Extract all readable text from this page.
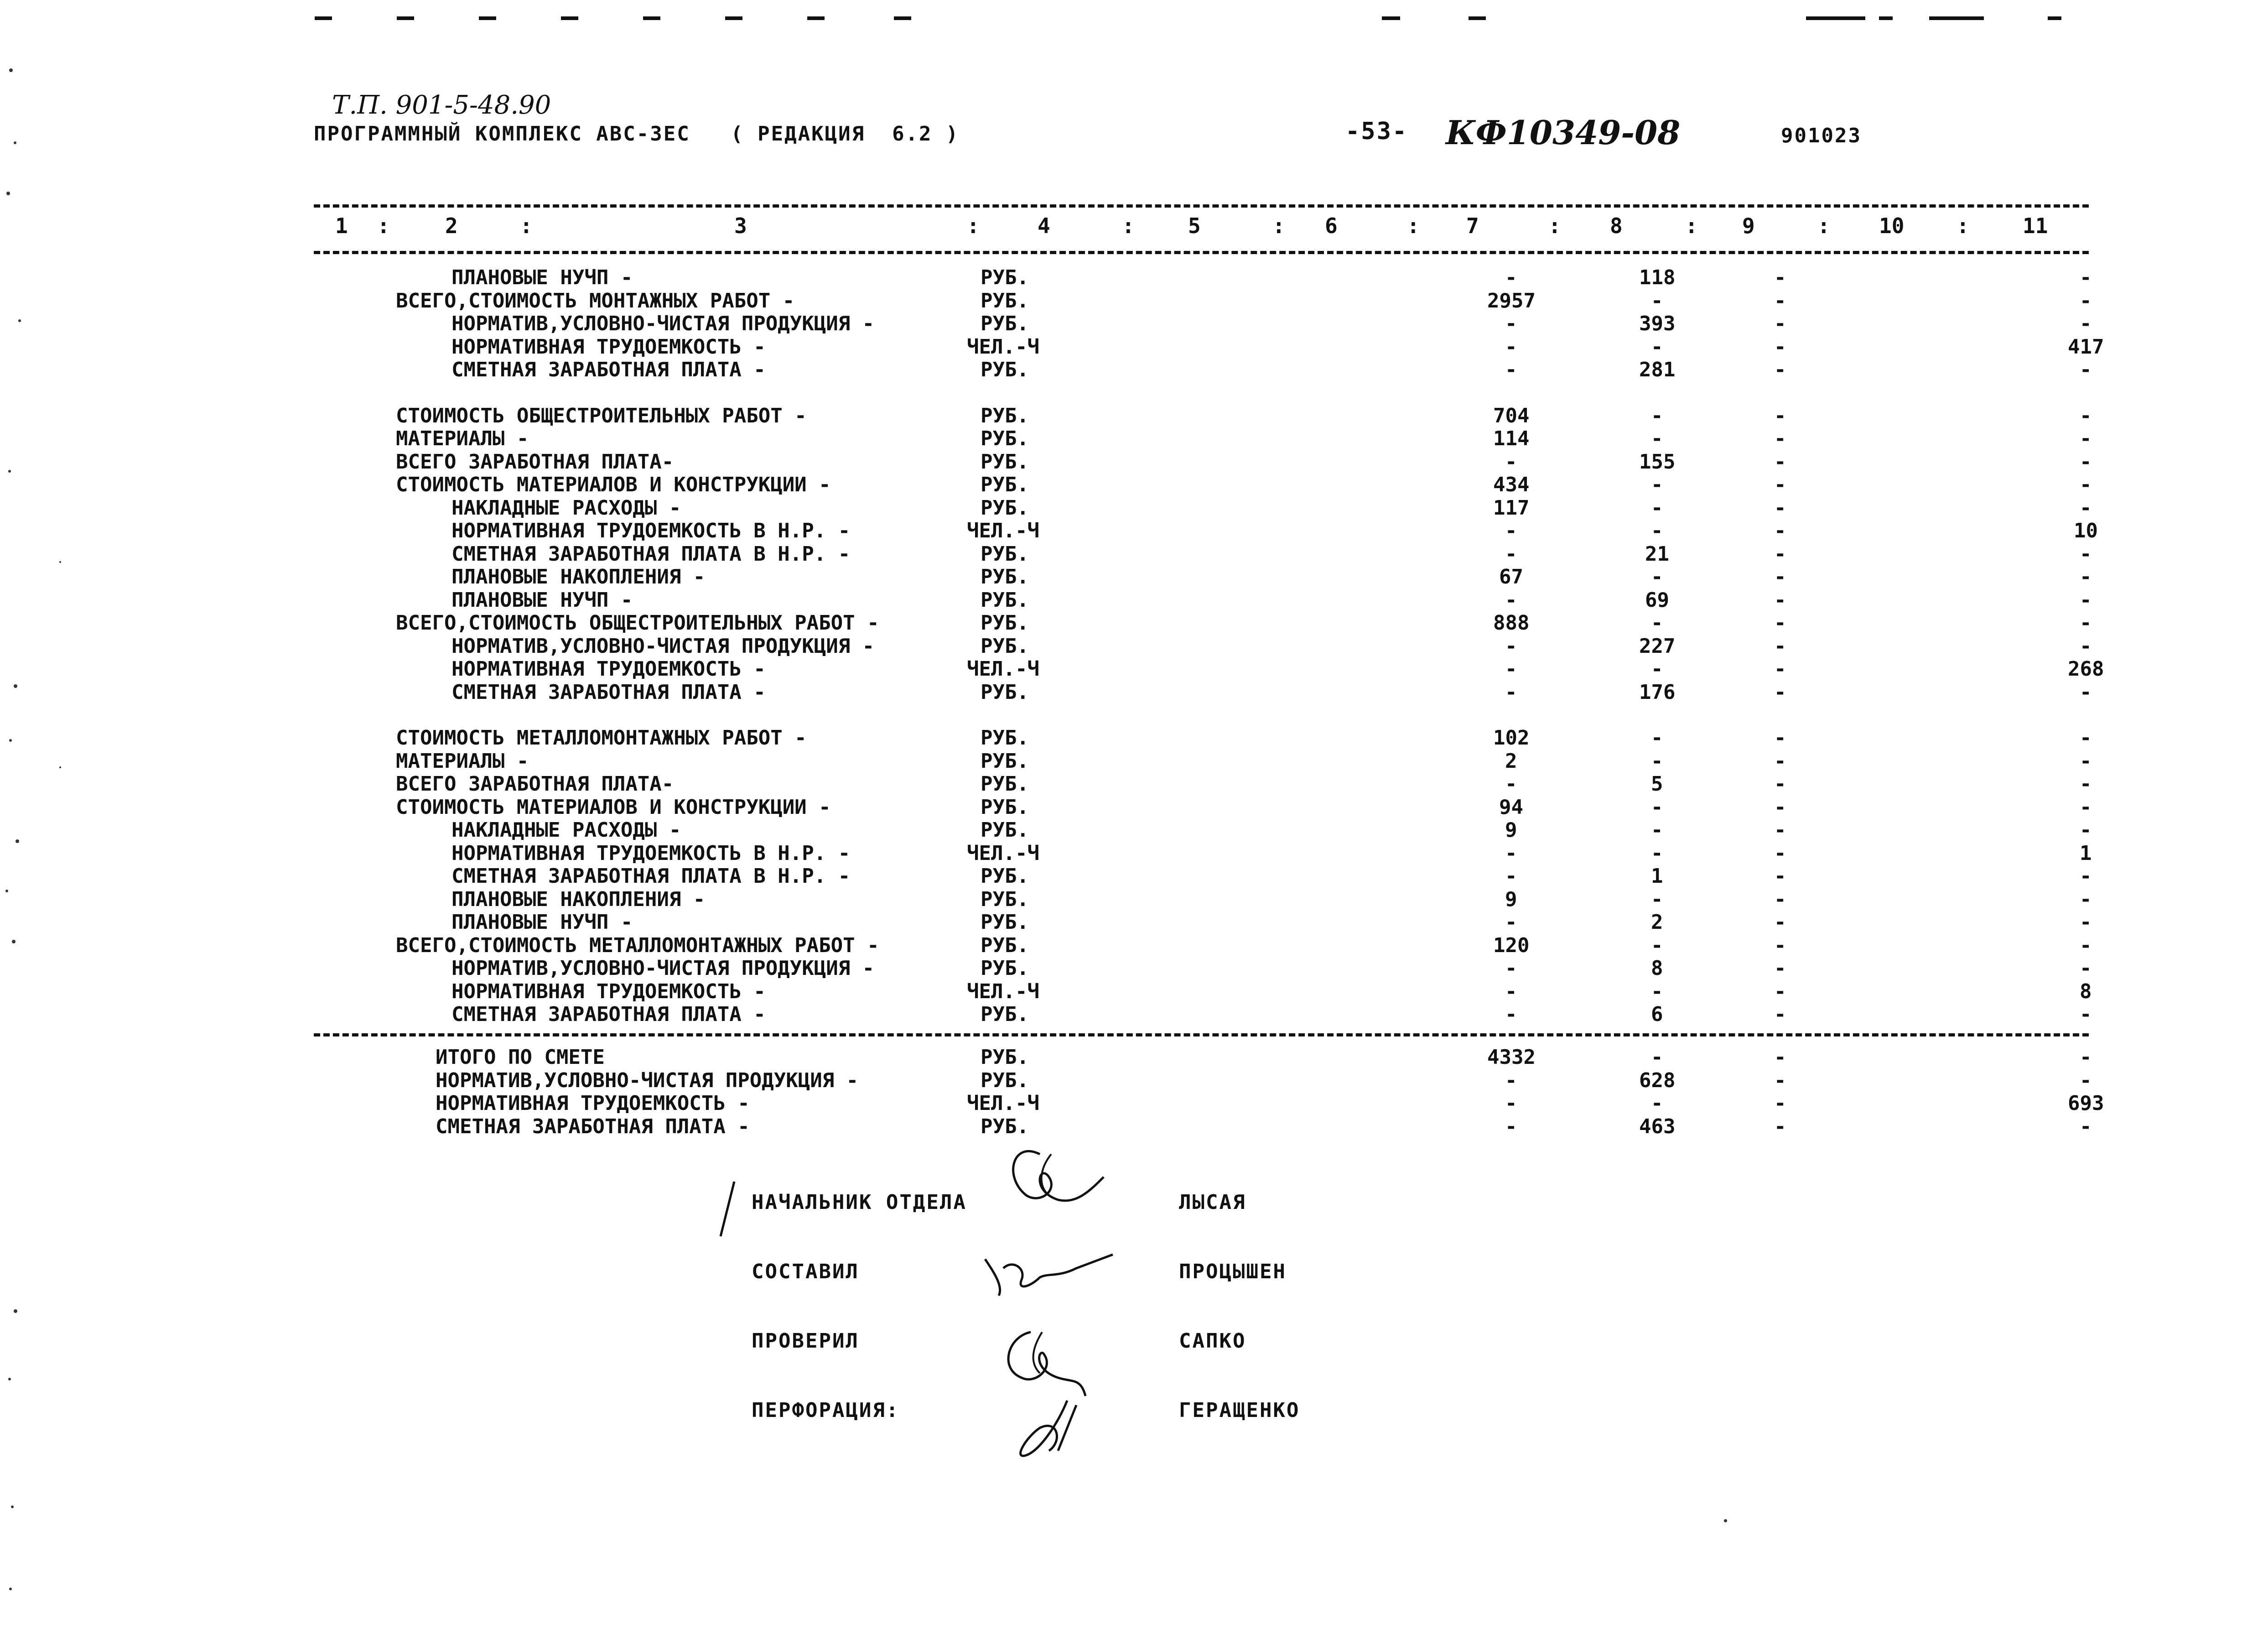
Т.П. 901-5-48.90
ПРОГРАММНЫЙ КОМПЛЕКС АВС-3ЕС   ( РЕДАКЦИЯ  6.2 )	-53- КФ10349-08	901023
1	2	3	4	5	6	7	8	9	10	11
:	:	:	:	:	:	:	:	:	:
ПЛАНОВЫЕ НУЧП -	РУБ.	-	118	-	-
ВСЕГО,СТОИМОСТЬ МОНТАЖНЫХ РАБОТ -	РУБ.	2957	-	-	-
НОРМАТИВ,УСЛОВНО-ЧИСТАЯ ПРОДУКЦИЯ -	РУБ.	-	393	-	-
НОРМАТИВНАЯ ТРУДОЕМКОСТЬ -	ЧЕЛ.-Ч	-	-	-	417
СМЕТНАЯ ЗАРАБОТНАЯ ПЛАТА -	РУБ.	-	281	-	-
СТОИМОСТЬ ОБЩЕСТРОИТЕЛЬНЫХ РАБОТ -	РУБ.	704	-	-	-
МАТЕРИАЛЫ -	РУБ.	114	-	-	-
ВСЕГО ЗАРАБОТНАЯ ПЛАТА-	РУБ.	-	155	-	-
СТОИМОСТЬ МАТЕРИАЛОВ И КОНСТРУКЦИИ -	РУБ.	434	-	-	-
НАКЛАДНЫЕ РАСХОДЫ -	РУБ.	117	-	-	-
НОРМАТИВНАЯ ТРУДОЕМКОСТЬ В Н.Р. -	ЧЕЛ.-Ч	-	-	-	10
СМЕТНАЯ ЗАРАБОТНАЯ ПЛАТА В Н.Р. -	РУБ.	-	21	-	-
ПЛАНОВЫЕ НАКОПЛЕНИЯ -	РУБ.	67	-	-	-
ПЛАНОВЫЕ НУЧП -	РУБ.	-	69	-	-
ВСЕГО,СТОИМОСТЬ ОБЩЕСТРОИТЕЛЬНЫХ РАБОТ -	РУБ.	888	-	-	-
НОРМАТИВ,УСЛОВНО-ЧИСТАЯ ПРОДУКЦИЯ -	РУБ.	-	227	-	-
НОРМАТИВНАЯ ТРУДОЕМКОСТЬ -	ЧЕЛ.-Ч	-	-	-	268
СМЕТНАЯ ЗАРАБОТНАЯ ПЛАТА -	РУБ.	-	176	-	-
СТОИМОСТЬ МЕТАЛЛОМОНТАЖНЫХ РАБОТ -	РУБ.	102	-	-	-
МАТЕРИАЛЫ -	РУБ.	2	-	-	-
ВСЕГО ЗАРАБОТНАЯ ПЛАТА-	РУБ.	-	5	-	-
СТОИМОСТЬ МАТЕРИАЛОВ И КОНСТРУКЦИИ -	РУБ.	94	-	-	-
НАКЛАДНЫЕ РАСХОДЫ -	РУБ.	9	-	-	-
НОРМАТИВНАЯ ТРУДОЕМКОСТЬ В Н.Р. -	ЧЕЛ.-Ч	-	-	-	1
СМЕТНАЯ ЗАРАБОТНАЯ ПЛАТА В Н.Р. -	РУБ.	-	1	-	-
ПЛАНОВЫЕ НАКОПЛЕНИЯ -	РУБ.	9	-	-	-
ПЛАНОВЫЕ НУЧП -	РУБ.	-	2	-	-
ВСЕГО,СТОИМОСТЬ МЕТАЛЛОМОНТАЖНЫХ РАБОТ -	РУБ.	120	-	-	-
НОРМАТИВ,УСЛОВНО-ЧИСТАЯ ПРОДУКЦИЯ -	РУБ.	-	8	-	-
НОРМАТИВНАЯ ТРУДОЕМКОСТЬ -	ЧЕЛ.-Ч	-	-	-	8
СМЕТНАЯ ЗАРАБОТНАЯ ПЛАТА -	РУБ.	-	6	-	-
ИТОГО ПО СМЕТЕ	РУБ.	4332	-	-	-
НОРМАТИВ,УСЛОВНО-ЧИСТАЯ ПРОДУКЦИЯ -	РУБ.	-	628	-	-
НОРМАТИВНАЯ ТРУДОЕМКОСТЬ -	ЧЕЛ.-Ч	-	-	-	693
СМЕТНАЯ ЗАРАБОТНАЯ ПЛАТА -	РУБ.	-	463	-	-
НАЧАЛЬНИК ОТДЕЛА	ЛЫСАЯ
СОСТАВИЛ	ПРОЦЫШЕН
ПРОВЕРИЛ	САПКО
ПЕРФОРАЦИЯ:	ГЕРАЩЕНКО
